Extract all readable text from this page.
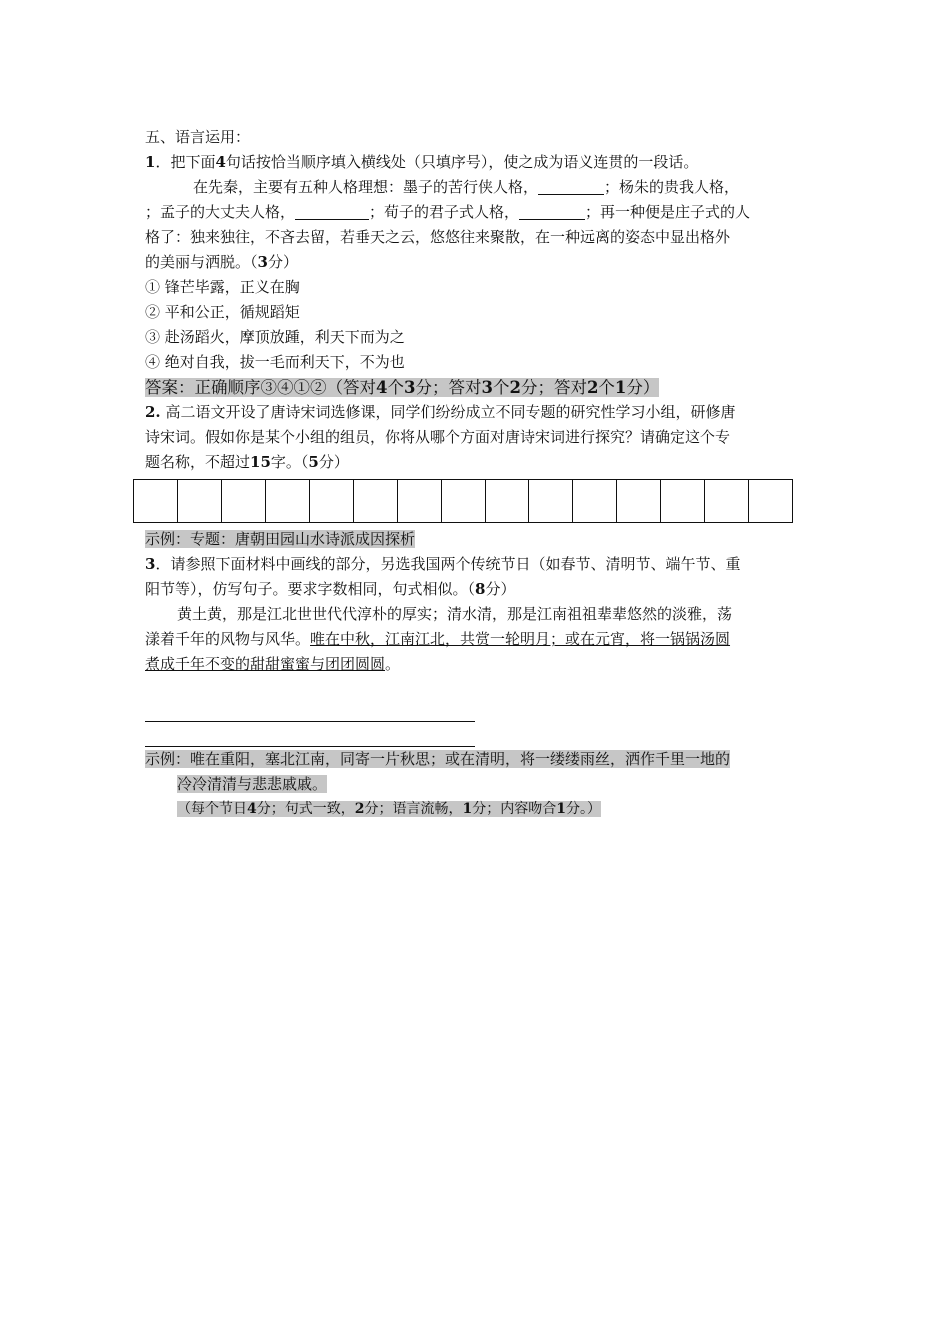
五、语言运用：
1．把下面4句话按恰当顺序填入横线处（只填序号），使之成为语义连贯的一段话。
在先秦，主要有五种人格理想：墨子的苦行侠人格，	；杨朱的贵我人格，
；孟子的大丈夫人格，	；荀子的君子式人格，	；再一种便是庄子式的人
格了：独来独往，不吝去留，若垂天之云，悠悠往来聚散，在一种远离的姿态中显出格外
的美丽与洒脱。（3分）
① 锋芒毕露，正义在胸
② 平和公正，循规蹈矩
③ 赴汤蹈火，摩顶放踵，利天下而为之
④ 绝对自我，拔一毛而利天下，不为也
答案：正确顺序③④①②（答对4个3分；答对3个2分；答对2个1分）
2. 高二语文开设了唐诗宋词选修课，同学们纷纷成立不同专题的研究性学习小组，研修唐
诗宋词。假如你是某个小组的组员，你将从哪个方面对唐诗宋词进行探究？请确定这个专
题名称，不超过15字。（5分）
示例：专题：唐朝田园山水诗派成因探析
3．请参照下面材料中画线的部分，另选我国两个传统节日（如春节、清明节、端午节、重
阳节等），仿写句子。要求字数相同，句式相似。（8分）
黄土黄，那是江北世世代代淳朴的厚实；清水清，那是江南祖祖辈辈悠然的淡雅，荡
漾着千年的风物与风华。唯在中秋，江南江北，共赏一轮明月；或在元宵，将一锅锅汤圆
煮成千年不变的甜甜蜜蜜与团团圆圆。
示例：唯在重阳，塞北江南，同寄一片秋思；或在清明，将一缕缕雨丝，洒作千里一地的
冷冷清清与悲悲戚戚。
（每个节日4分；句式一致，2分；语言流畅，1分；内容吻合1分。）
